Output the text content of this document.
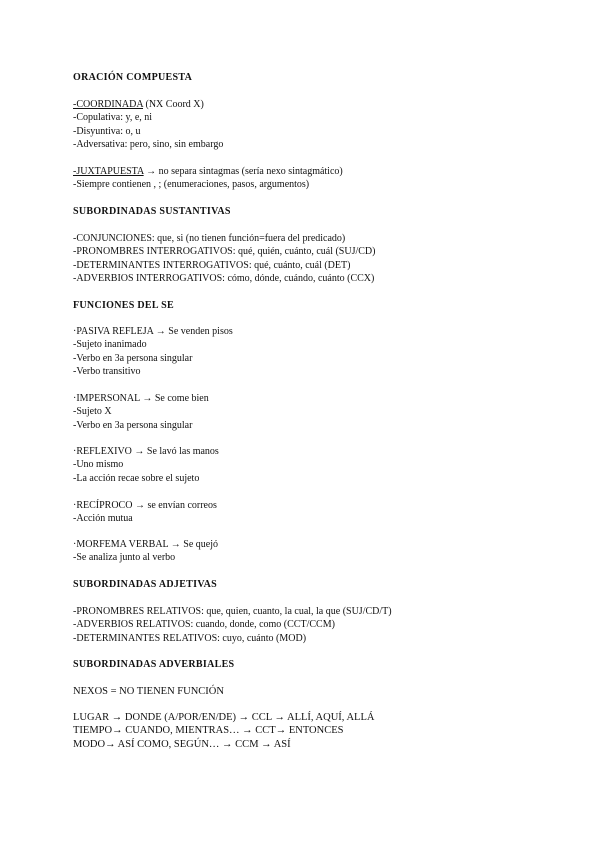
ORACIÓN COMPUESTA
-COORDINADA (NX Coord X)
-Copulativa: y, e, ni
-Disyuntiva: o, u
-Adversativa: pero, sino, sin embargo
-JUXTAPUESTA → no separa sintagmas (sería nexo sintagmático)
-Siempre contienen , ; (enumeraciones, pasos, argumentos)
SUBORDINADAS SUSTANTIVAS
-CONJUNCIONES: que, si (no tienen función=fuera del predicado)
-PRONOMBRES INTERROGATIVOS: qué, quién, cuánto, cuál (SUJ/CD)
-DETERMINANTES INTERROGATIVOS: qué, cuánto, cuál (DET)
-ADVERBIOS INTERROGATIVOS: cómo, dónde, cuándo, cuánto (CCX)
FUNCIONES DEL SE
·PASIVA REFLEJA → Se venden pisos
-Sujeto inanimado
-Verbo en 3a persona singular
-Verbo transitivo
·IMPERSONAL → Se come bien
-Sujeto X
-Verbo en 3a persona singular
·REFLEXIVO → Se lavó las manos
-Uno mismo
-La acción recae sobre el sujeto
·RECÍPROCO → se envían correos
-Acción mutua
·MORFEMA VERBAL → Se quejó
-Se analiza junto al verbo
SUBORDINADAS ADJETIVAS
-PRONOMBRES RELATIVOS: que, quien, cuanto, la cual, la que (SUJ/CD/T)
-ADVERBIOS RELATIVOS: cuando, donde, como (CCT/CCM)
-DETERMINANTES RELATIVOS: cuyo, cuánto (MOD)
SUBORDINADAS ADVERBIALES
NEXOS = NO TIENEN FUNCIÓN
LUGAR → DONDE (A/POR/EN/DE) → CCL → ALLÍ, AQUÍ, ALLÁ
TIEMPO→ CUANDO, MIENTRAS… → CCT→ ENTONCES
MODO→ ASÍ COMO, SEGÚN… → CCM → ASÍ
